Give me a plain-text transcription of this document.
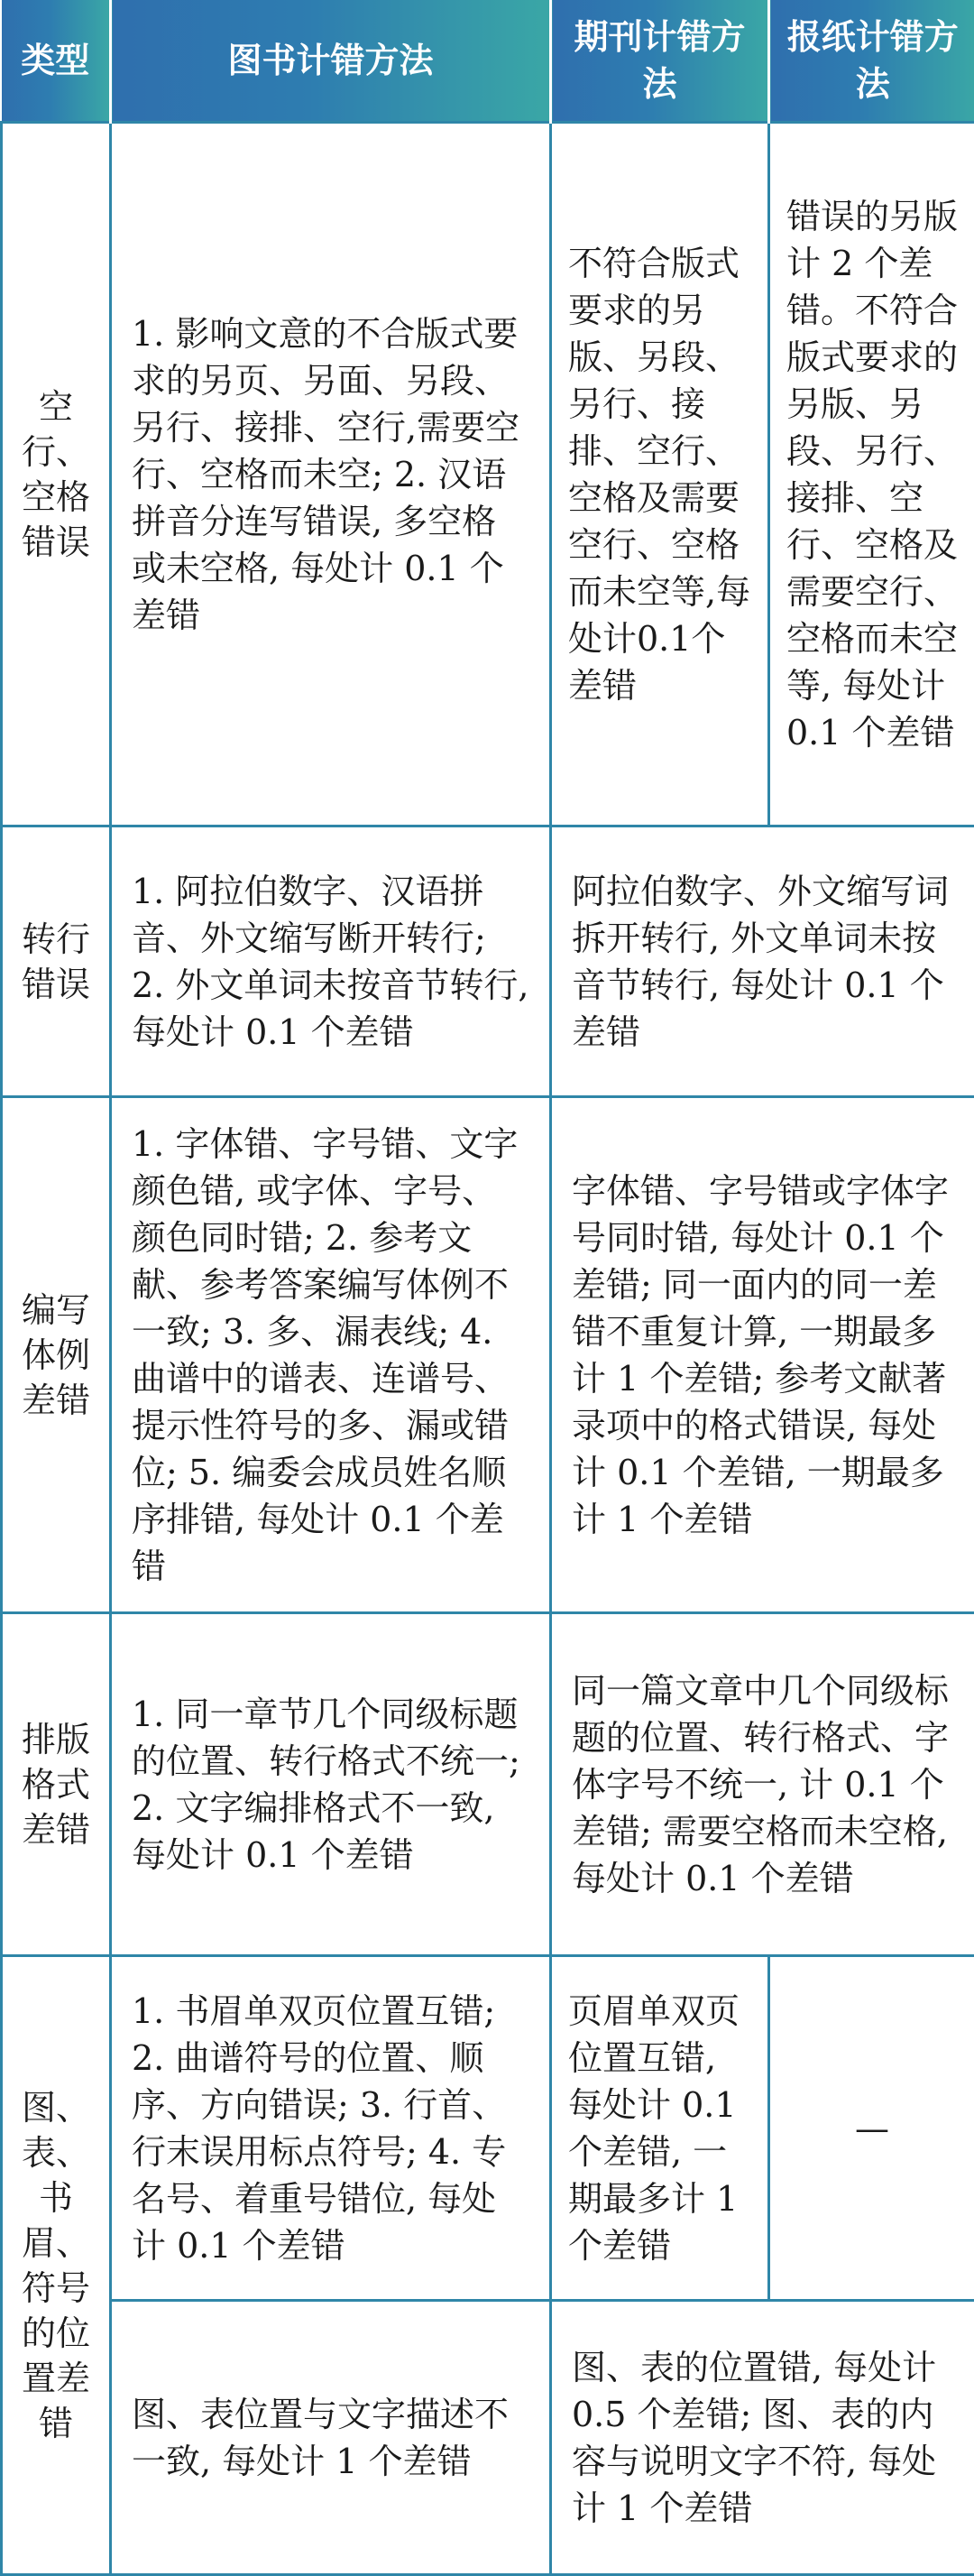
类型	图书计错方法	期刊计错方法	报纸计错方法
空行、空格错误	1. 影响文意的不合版式要求的另页、另面、另段、另行、接排、空行,需要空行、空格而未空; 2. 汉语拼音分连写错误, 多空格或未空格, 每处计 0.1 个差错	不符合版式要求的另版、另段、另行、接排、空行、空格及需要空行、空格而未空等,每处计0.1个差错	错误的另版计 2 个差错。不符合版式要求的另版、另段、另行、接排、空行、空格及需要空行、空格而未空等, 每处计 0.1 个差错
转行错误	1. 阿拉伯数字、汉语拼音、外文缩写断开转行; 2. 外文单词未按音节转行, 每处计 0.1 个差错	阿拉伯数字、外文缩写词拆开转行, 外文单词未按音节转行, 每处计 0.1 个差错	
编写体例差错	1. 字体错、字号错、文字颜色错, 或字体、字号、颜色同时错; 2. 参考文献、参考答案编写体例不一致; 3. 多、漏表线; 4. 曲谱中的谱表、连谱号、提示性符号的多、漏或错位; 5. 编委会成员姓名顺序排错, 每处计 0.1 个差错	字体错、字号错或字体字号同时错, 每处计 0.1 个差错; 同一面内的同一差错不重复计算, 一期最多计 1 个差错; 参考文献著录项中的格式错误, 每处计 0.1 个差错, 一期最多计 1 个差错	
排版格式差错	1. 同一章节几个同级标题的位置、转行格式不统一; 2. 文字编排格式不一致, 每处计 0.1 个差错	同一篇文章中几个同级标题的位置、转行格式、字体字号不统一, 计 0.1 个差错; 需要空格而未空格, 每处计 0.1 个差错	
图、表、书眉、符号的位置差错	1. 书眉单双页位置互错; 2. 曲谱符号的位置、顺序、方向错误; 3. 行首、行末误用标点符号; 4. 专名号、着重号错位, 每处计 0.1 个差错	页眉单双页位置互错, 每处计 0.1 个差错, 一期最多计 1 个差错	—
	图、表位置与文字描述不一致, 每处计 1 个差错	图、表的位置错, 每处计 0.5 个差错; 图、表的内容与说明文字不符, 每处计 1 个差错	
